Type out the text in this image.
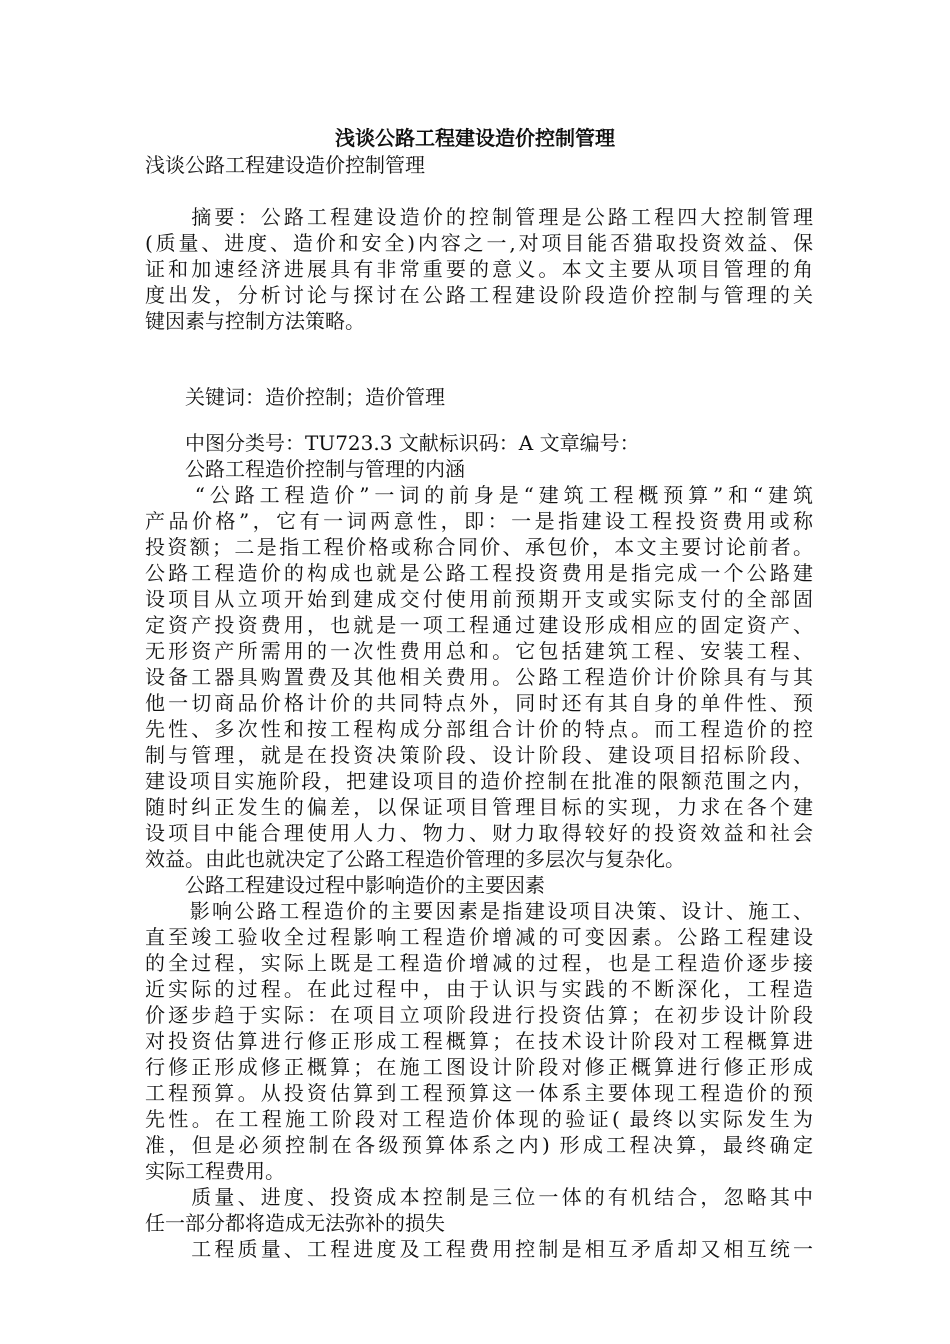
浅谈公路工程建设造价控制管理
浅谈公路工程建设造价控制管理
　　摘要：公路工程建设造价的控制管理是公路工程四大控制管理
(质量、进度、造价和安全)内容之一,对项目能否猎取投资效益、保
证和加速经济进展具有非常重要的意义。本文主要从项目管理的角
度出发，分析讨论与探讨在公路工程建设阶段造价控制与管理的关
键因素与控制方法策略。
　　关键词：造价控制；造价管理
　　中图分类号：TU723.3 文献标识码：A 文章编号：
　　公路工程造价控制与管理的内涵
　　“公路工程造价”一词的前身是“建筑工程概预算”和“建筑
产品价格”，它有一词两意性，即：一是指建设工程投资费用或称
投资额；二是指工程价格或称合同价、承包价，本文主要讨论前者。
公路工程造价的构成也就是公路工程投资费用是指完成一个公路建
设项目从立项开始到建成交付使用前预期开支或实际支付的全部固
定资产投资费用，也就是一项工程通过建设形成相应的固定资产、
无形资产所需用的一次性费用总和。它包括建筑工程、安装工程、
设备工器具购置费及其他相关费用。公路工程造价计价除具有与其
他一切商品价格计价的共同特点外，同时还有其自身的单件性、预
先性、多次性和按工程构成分部组合计价的特点。而工程造价的控
制与管理，就是在投资决策阶段、设计阶段、建设项目招标阶段、
建设项目实施阶段，把建设项目的造价控制在批准的限额范围之内，
随时纠正发生的偏差，以保证项目管理目标的实现，力求在各个建
设项目中能合理使用人力、物力、财力取得较好的投资效益和社会
效益。由此也就决定了公路工程造价管理的多层次与复杂化。
　　公路工程建设过程中影响造价的主要因素
　　影响公路工程造价的主要因素是指建设项目决策、设计、施工、
直至竣工验收全过程影响工程造价增减的可变因素。公路工程建设
的全过程，实际上既是工程造价增减的过程，也是工程造价逐步接
近实际的过程。在此过程中，由于认识与实践的不断深化，工程造
价逐步趋于实际：在项目立项阶段进行投资估算；在初步设计阶段
对投资估算进行修正形成工程概算；在技术设计阶段对工程概算进
行修正形成修正概算；在施工图设计阶段对修正概算进行修正形成
工程预算。从投资估算到工程预算这一体系主要体现工程造价的预
先性。在工程施工阶段对工程造价体现的验证( 最终以实际发生为
准，但是必须控制在各级预算体系之内) 形成工程决算，最终确定
实际工程费用。
　　质量、进度、投资成本控制是三位一体的有机结合，忽略其中
任一部分都将造成无法弥补的损失
　　工程质量、工程进度及工程费用控制是相互矛盾却又相互统一
